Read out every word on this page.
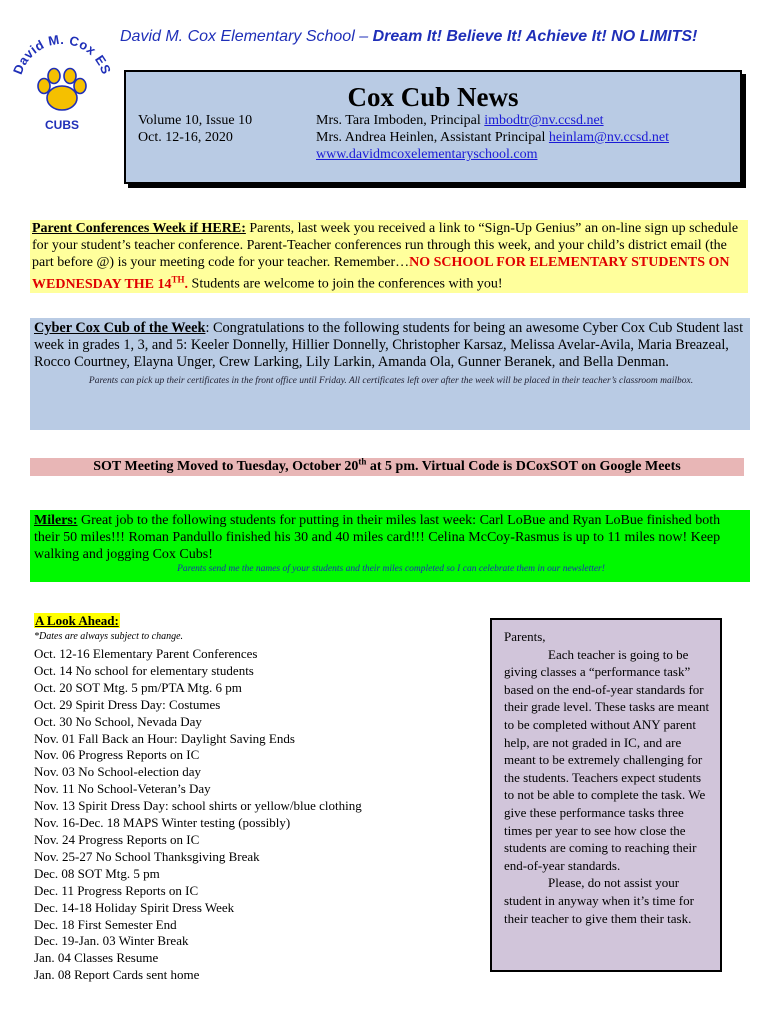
David M. Cox Elementary School – Dream It! Believe It! Achieve It! NO LIMITS!
David M. Cox ES
CUBS
Cox Cub News
Volume 10, Issue 10
Oct. 12-16, 2020
Mrs. Tara Imboden, Principal imbodtr@nv.ccsd.net
Mrs. Andrea Heinlen, Assistant Principal heinlam@nv.ccsd.net
www.davidmcoxelementaryschool.com
Parent Conferences Week if HERE: Parents, last week you received a link to “Sign-Up Genius” an on-line sign up schedule for your student’s teacher conference. Parent-Teacher conferences run through this week, and your child’s district email (the part before @) is your meeting code for your teacher. Remember…NO SCHOOL FOR ELEMENTARY STUDENTS ON WEDNESDAY THE 14TH. Students are welcome to join the conferences with you!
Cyber Cox Cub of the Week: Congratulations to the following students for being an awesome Cyber Cox Cub Student last week in grades 1, 3, and 5: Keeler Donnelly, Hillier Donnelly, Christopher Karsaz, Melissa Avelar-Avila, Maria Breazeal, Rocco Courtney, Elayna Unger, Crew Larking, Lily Larkin, Amanda Ola, Gunner Beranek, and Bella Denman.
Parents can pick up their certificates in the front office until Friday. All certificates left over after the week will be placed in their teacher’s classroom mailbox.
SOT Meeting Moved to Tuesday, October 20th at 5 pm. Virtual Code is DCoxSOT on Google Meets
Milers: Great job to the following students for putting in their miles last week: Carl LoBue and Ryan LoBue finished both their 50 miles!!! Roman Pandullo finished his 30 and 40 miles card!!! Celina McCoy-Rasmus is up to 11 miles now! Keep walking and jogging Cox Cubs!
Parents send me the names of your students and their miles completed so I can celebrate them in our newsletter!
A Look Ahead:
*Dates are always subject to change.
Oct. 12-16 Elementary Parent Conferences
Oct. 14 No school for elementary students
Oct. 20 SOT Mtg. 5 pm/PTA Mtg. 6 pm
Oct. 29 Spirit Dress Day: Costumes
Oct. 30 No School, Nevada Day
Nov. 01 Fall Back an Hour: Daylight Saving Ends
Nov. 06 Progress Reports on IC
Nov. 03 No School-election day
Nov. 11 No School-Veteran’s Day
Nov. 13 Spirit Dress Day: school shirts or yellow/blue clothing
Nov. 16-Dec. 18 MAPS Winter testing (possibly)
Nov. 24 Progress Reports on IC
Nov. 25-27 No School Thanksgiving Break
Dec. 08 SOT Mtg. 5 pm
Dec. 11 Progress Reports on IC
Dec. 14-18 Holiday Spirit Dress Week
Dec. 18 First Semester End
Dec. 19-Jan. 03 Winter Break
Jan. 04 Classes Resume
Jan. 08 Report Cards sent home

Parents,

Each teacher is going to be giving classes a “performance task” based on the end-of-year standards for their grade level. These tasks are meant to be completed without ANY parent help, are not graded in IC, and are meant to be extremely challenging for the students. Teachers expect students to not be able to complete the task. We give these performance tasks three times per year to see how close the students are coming to reaching their end-of-year standards.

Please, do not assist your student in anyway when it’s time for their teacher to give them their task.
